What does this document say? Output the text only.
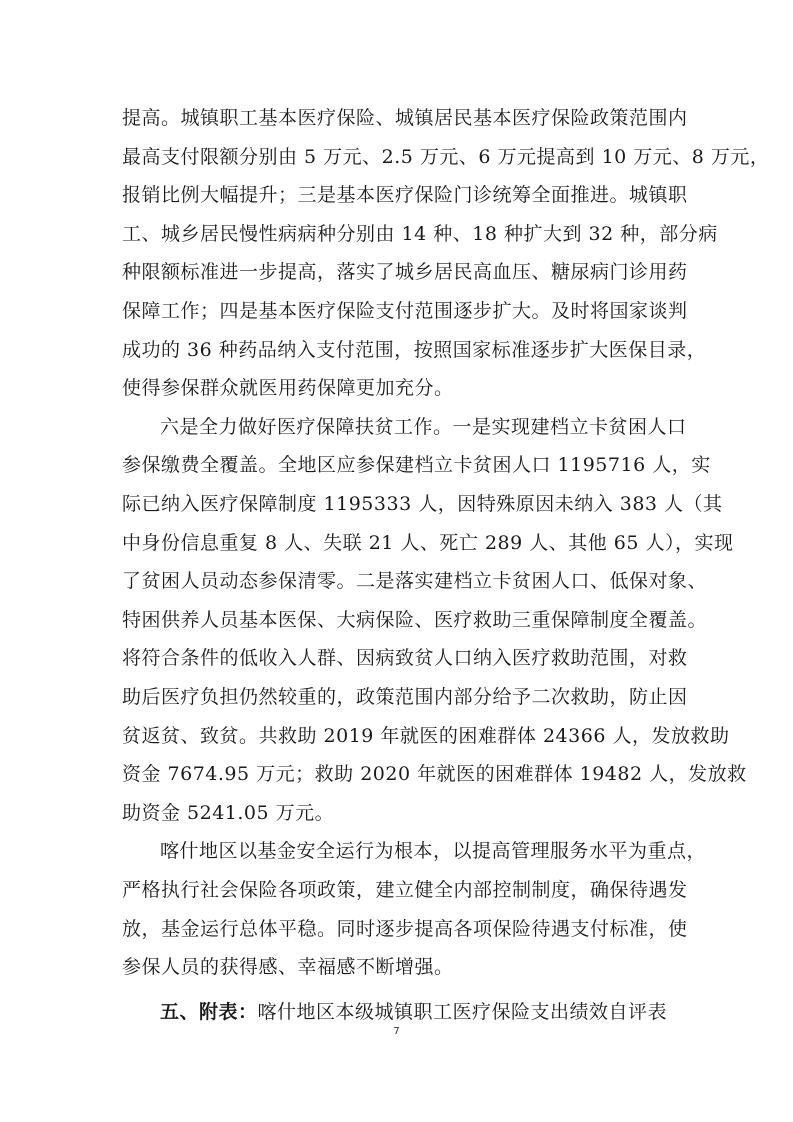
提高。城镇职工基本医疗保险、城镇居民基本医疗保险政策范围内
最高支付限额分别由 5 万元、2.5 万元、6 万元提高到 10 万元、8 万元，
报销比例大幅提升；三是基本医疗保险门诊统筹全面推进。城镇职
工、城乡居民慢性病病种分别由 14 种、18 种扩大到 32 种，部分病
种限额标准进一步提高，落实了城乡居民高血压、糖尿病门诊用药
保障工作；四是基本医疗保险支付范围逐步扩大。及时将国家谈判
成功的 36 种药品纳入支付范围，按照国家标准逐步扩大医保目录，
使得参保群众就医用药保障更加充分。
六是全力做好医疗保障扶贫工作。一是实现建档立卡贫困人口
参保缴费全覆盖。全地区应参保建档立卡贫困人口 1195716 人，实
际已纳入医疗保障制度 1195333 人，因特殊原因未纳入 383 人（其
中身份信息重复 8 人、失联 21 人、死亡 289 人、其他 65 人），实现
了贫困人员动态参保清零。二是落实建档立卡贫困人口、低保对象、
特困供养人员基本医保、大病保险、医疗救助三重保障制度全覆盖。
将符合条件的低收入人群、因病致贫人口纳入医疗救助范围，对救
助后医疗负担仍然较重的，政策范围内部分给予二次救助，防止因
贫返贫、致贫。共救助 2019 年就医的困难群体 24366 人，发放救助
资金 7674.95 万元；救助 2020 年就医的困难群体 19482 人，发放救
助资金 5241.05 万元。
喀什地区以基金安全运行为根本，以提高管理服务水平为重点，
严格执行社会保险各项政策，建立健全内部控制制度，确保待遇发
放，基金运行总体平稳。同时逐步提高各项保险待遇支付标准，使
参保人员的获得感、幸福感不断增强。
五、附表：喀什地区本级城镇职工医疗保险支出绩效自评表
7
